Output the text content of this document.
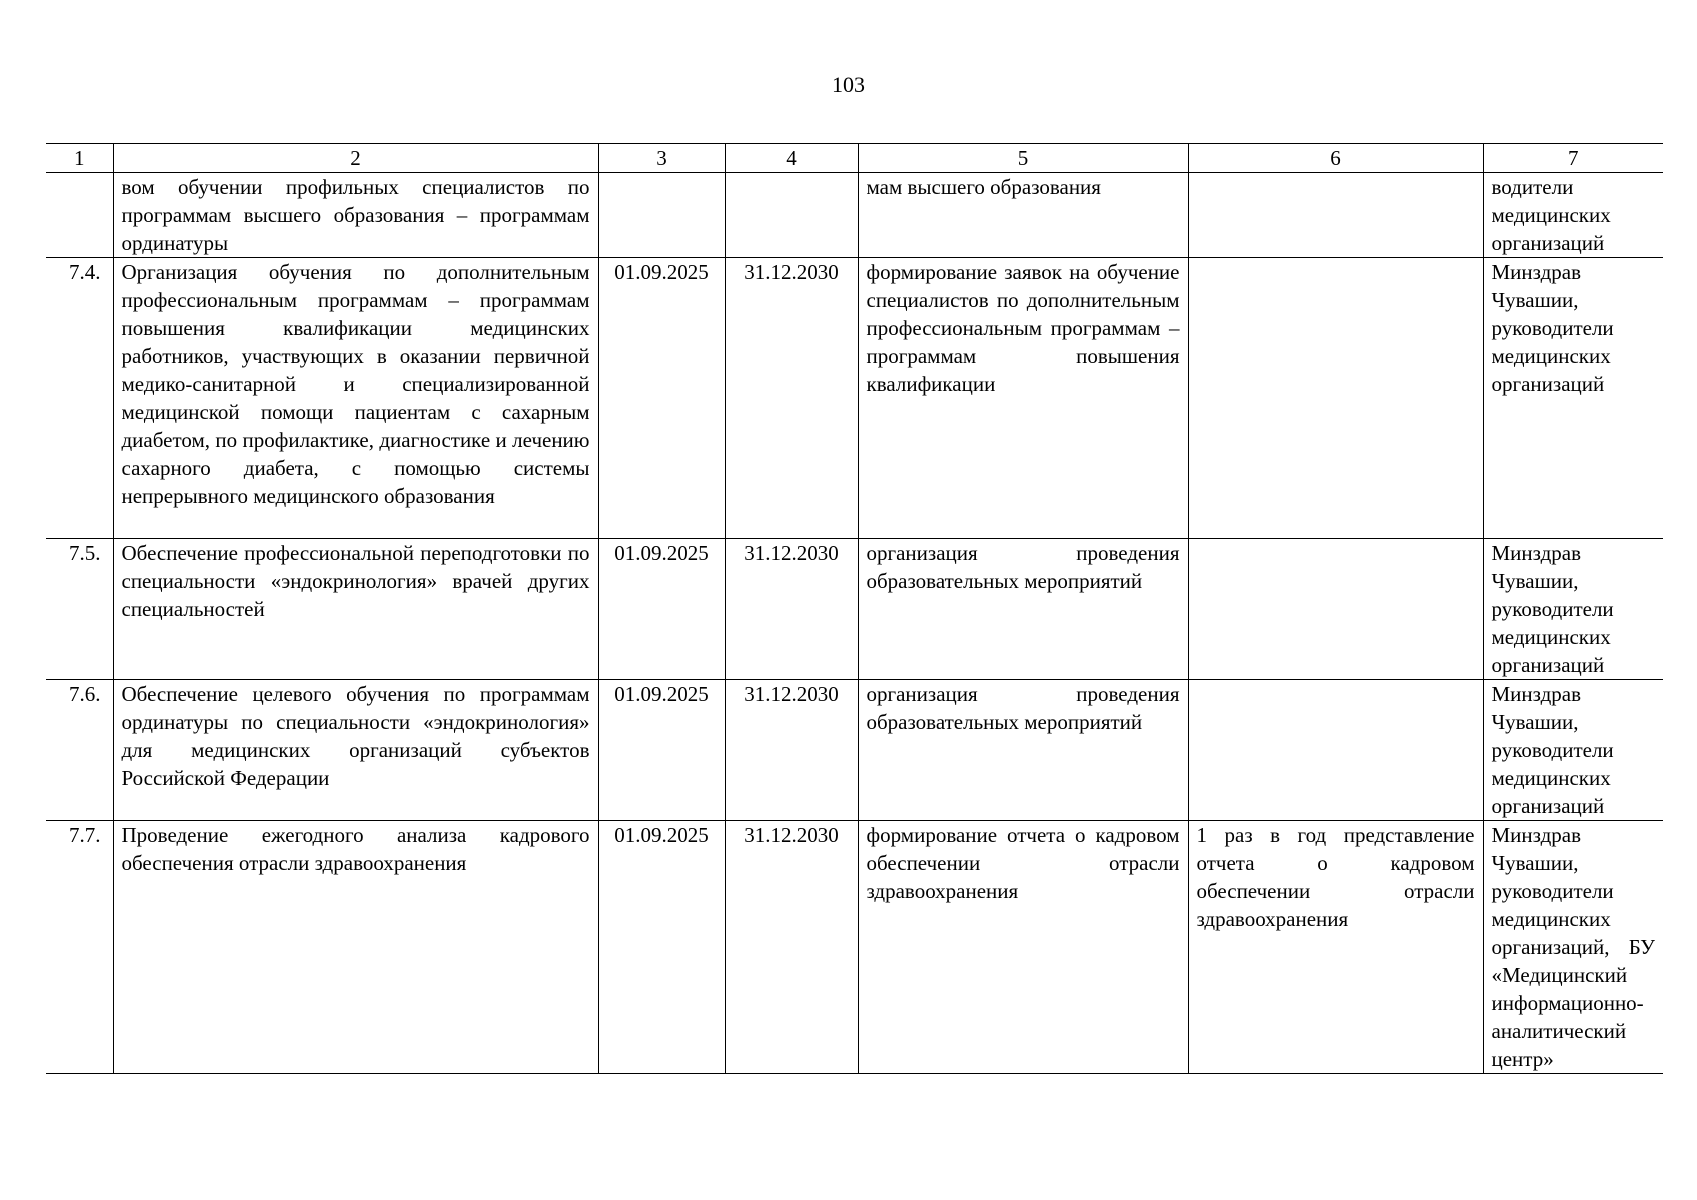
103
1	2	3	4	5	6	7
	вом обучении профильных специалистов по программам высшего образования – программам ординатуры			мам высшего образования		водители медицинских организаций
7.4.	Организация обучения по дополнительным профессиональным программам – программам повышения квалификации медицинских работников, участвующих в оказании первичной медико-санитарной и специализированной медицинской помощи пациентам с сахарным диабетом, по профилактике, диагностике и лечению сахарного диабета, с помощью системы непрерывного медицинского образования	01.09.2025	31.12.2030	формирование заявок на обучение специалистов по дополнительным профессиональным программам – программам повышения квалификации		Минздрав Чувашии, руководители медицинских организаций
7.5.	Обеспечение профессиональной переподготовки по специальности «эндокринология» врачей других специальностей	01.09.2025	31.12.2030	организация проведения образовательных мероприятий		Минздрав Чувашии, руководители медицинских организаций
7.6.	Обеспечение целевого обучения по программам ординатуры по специальности «эндокринология» для медицинских организаций субъектов Российской Федерации	01.09.2025	31.12.2030	организация проведения образовательных мероприятий		Минздрав Чувашии, руководители медицинских организаций
7.7.	Проведение ежегодного анализа кадрового обеспечения отрасли здравоохранения	01.09.2025	31.12.2030	формирование отчета о кадровом обеспечении отрасли здравоохранения	1 раз в год представление отчета о кадровом обеспечении отрасли здравоохранения	Минздрав Чувашии, руководители медицинских организаций, БУ «Медицинский информационно-аналитический центр»
